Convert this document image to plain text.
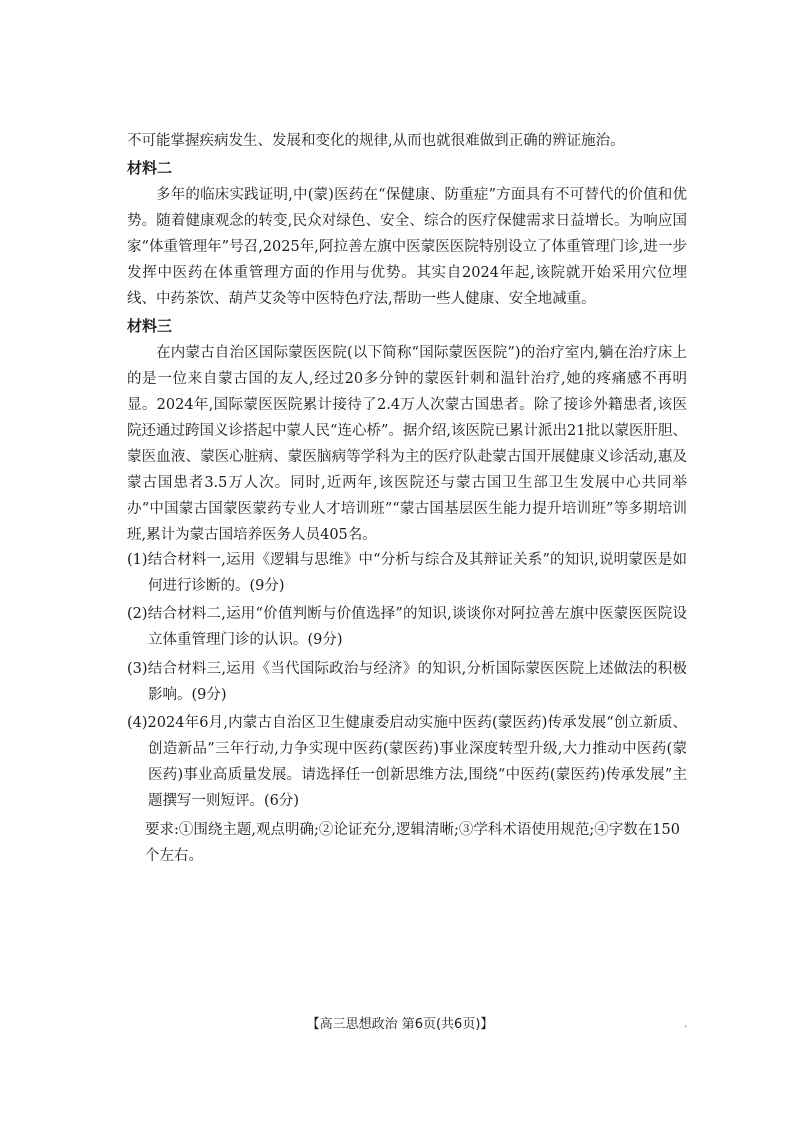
不可能掌握疾病发生、发展和变化的规律,从而也就很难做到正确的辨证施治。

材料二

多年的临床实践证明,中(蒙)医药在“保健康、防重症”方面具有不可替代的价值和优势。随着健康观念的转变,民众对绿色、安全、综合的医疗保健需求日益增长。为响应国家“体重管理年”号召,2025年,阿拉善左旗中医蒙医医院特别设立了体重管理门诊,进一步发挥中医药在体重管理方面的作用与优势。其实自2024年起,该院就开始采用穴位埋线、中药茶饮、葫芦艾灸等中医特色疗法,帮助一些人健康、安全地减重。

材料三

在内蒙古自治区国际蒙医医院(以下简称“国际蒙医医院”)的治疗室内,躺在治疗床上的是一位来自蒙古国的友人,经过20多分钟的蒙医针刺和温针治疗,她的疼痛感不再明显。2024年,国际蒙医医院累计接待了2.4万人次蒙古国患者。除了接诊外籍患者,该医院还通过跨国义诊搭起中蒙人民“连心桥”。据介绍,该医院已累计派出21批以蒙医肝胆、蒙医血液、蒙医心脏病、蒙医脑病等学科为主的医疗队赴蒙古国开展健康义诊活动,惠及蒙古国患者3.5万人次。同时,近两年,该医院还与蒙古国卫生部卫生发展中心共同举办“中国蒙古国蒙医蒙药专业人才培训班”“蒙古国基层医生能力提升培训班”等多期培训班,累计为蒙古国培养医务人员405名。

(1)结合材料一,运用《逻辑与思维》中“分析与综合及其辩证关系”的知识,说明蒙医是如何进行诊断的。(9分)

(2)结合材料二,运用“价值判断与价值选择”的知识,谈谈你对阿拉善左旗中医蒙医医院设立体重管理门诊的认识。(9分)

(3)结合材料三,运用《当代国际政治与经济》的知识,分析国际蒙医医院上述做法的积极影响。(9分)

(4)2024年6月,内蒙古自治区卫生健康委启动实施中医药(蒙医药)传承发展“创立新质、创造新品”三年行动,力争实现中医药(蒙医药)事业深度转型升级,大力推动中医药(蒙医药)事业高质量发展。请选择任一创新思维方法,围绕“中医药(蒙医药)传承发展”主题撰写一则短评。(6分)

要求:①围绕主题,观点明确;②论证充分,逻辑清晰;③学科术语使用规范;④字数在150个左右。

【高三思想政治 第6页(共6页)】	.
